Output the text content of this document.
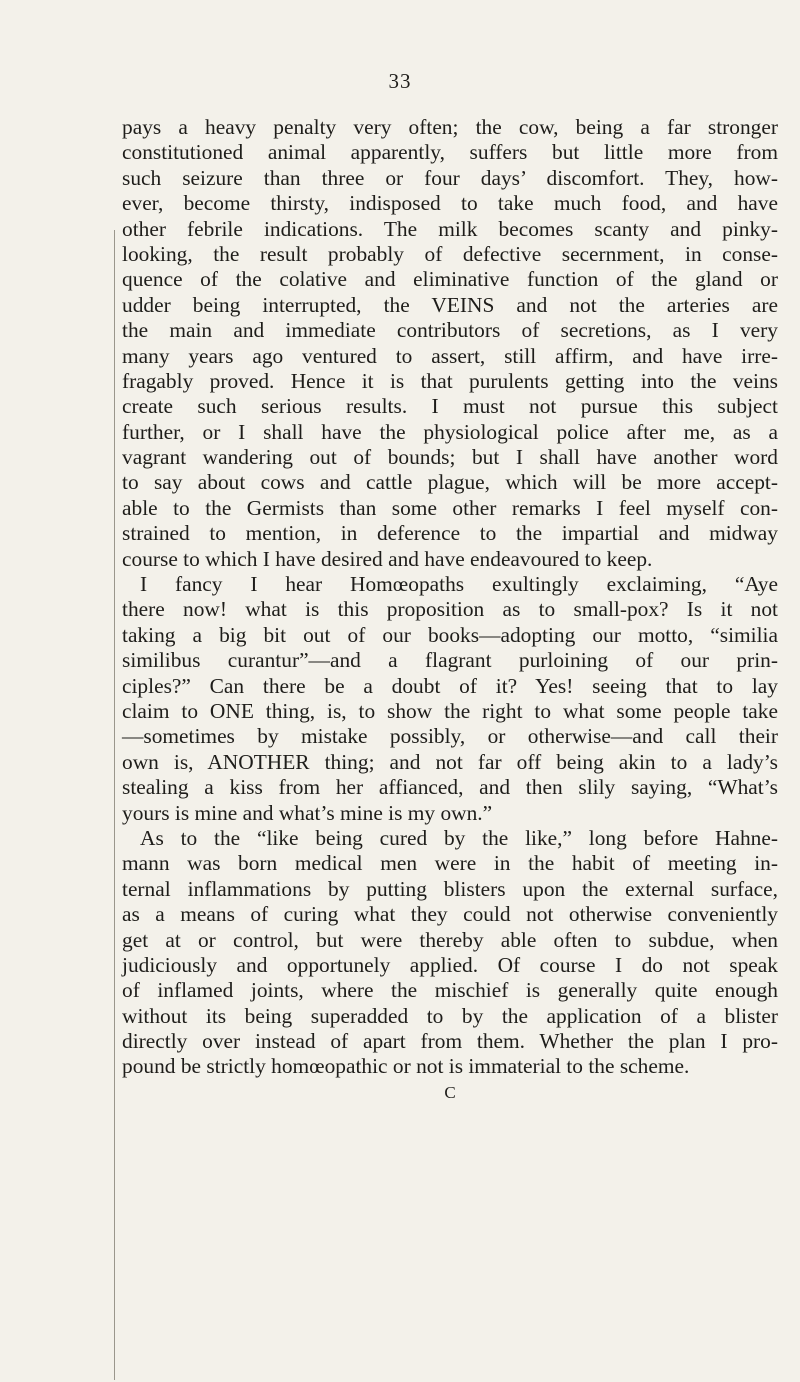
33
pays a heavy penalty very often; the cow, being a far stronger
constitutioned animal apparently, suffers but little more from
such seizure than three or four days’ discomfort. They, how-
ever, become thirsty, indisposed to take much food, and have
other febrile indications. The milk becomes scanty and pinky-
looking, the result probably of defective secernment, in conse-
quence of the colative and eliminative function of the gland or
udder being interrupted, the VEINS and not the arteries are
the main and immediate contributors of secretions, as I very
many years ago ventured to assert, still affirm, and have irre-
fragably proved. Hence it is that purulents getting into the veins
create such serious results. I must not pursue this subject
further, or I shall have the physiological police after me, as a
vagrant wandering out of bounds; but I shall have another word
to say about cows and cattle plague, which will be more accept-
able to the Germists than some other remarks I feel myself con-
strained to mention, in deference to the impartial and midway
course to which I have desired and have endeavoured to keep.
I fancy I hear Homœopaths exultingly exclaiming, “Aye
there now! what is this proposition as to small-pox? Is it not
taking a big bit out of our books—adopting our motto, “similia
similibus curantur”—and a flagrant purloining of our prin-
ciples?” Can there be a doubt of it? Yes! seeing that to lay
claim to ONE thing, is, to show the right to what some people take
—sometimes by mistake possibly, or otherwise—and call their
own is, ANOTHER thing; and not far off being akin to a lady’s
stealing a kiss from her affianced, and then slily saying, “What’s
yours is mine and what’s mine is my own.”
As to the “like being cured by the like,” long before Hahne-
mann was born medical men were in the habit of meeting in-
ternal inflammations by putting blisters upon the external surface,
as a means of curing what they could not otherwise conveniently
get at or control, but were thereby able often to subdue, when
judiciously and opportunely applied. Of course I do not speak
of inflamed joints, where the mischief is generally quite enough
without its being superadded to by the application of a blister
directly over instead of apart from them. Whether the plan I pro-
pound be strictly homœopathic or not is immaterial to the scheme.
C
